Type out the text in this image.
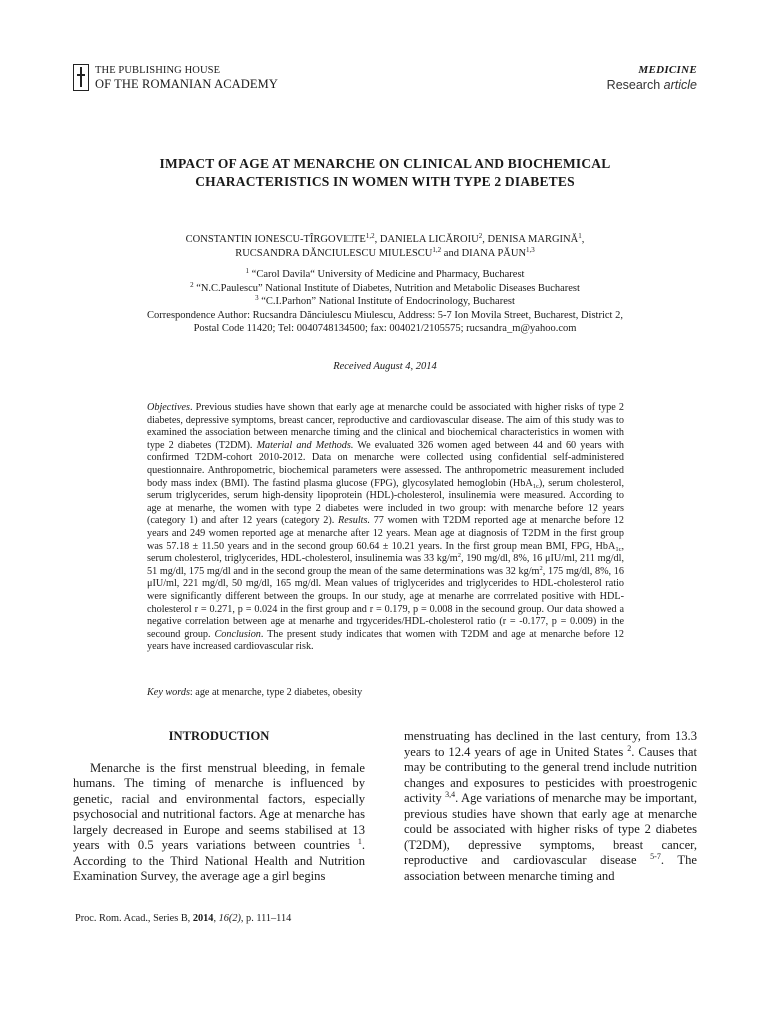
THE PUBLISHING HOUSE
OF THE ROMANIAN ACADEMY
MEDICINE
Research article
IMPACT OF AGE AT MENARCHE ON CLINICAL AND BIOCHEMICAL
CHARACTERISTICS IN WOMEN WITH TYPE 2 DIABETES
CONSTANTIN IONESCU-TÎRGOVI□TE$^{1,2}$, DANIELA LICĂROIU$^2$, DENISA MARGINĂ$^1$,
RUCSANDRA DĂNCIULESCU MIULESCU$^{1,2}$ and DIANA PĂUN$^{1,3}$
$^1$ “Carol Davila“ University of Medicine and Pharmacy, Bucharest
$^2$ “N.C.Paulescu” National Institute of Diabetes, Nutrition and Metabolic Diseases Bucharest
$^3$ “C.I.Parhon” National Institute of Endocrinology, Bucharest
Correspondence Author: Rucsandra Dănciulescu Miulescu, Address: 5-7 Ion Movila Street, Bucharest, District 2,
Postal Code 11420; Tel: 0040748134500; fax: 004021/2105575; rucsandra_m@yahoo.com
Received August 4, 2014
Objectives. Previous studies have shown that early age at menarche could be associated with higher risks of type 2 diabetes, depressive symptoms, breast cancer, reproductive and cardiovascular disease. The aim of this study was to examined the association between menarche timing and the clinical and biochemical characteristics in women with type 2 diabetes (T2DM). Material and Methods. We evaluated 326 women aged between 44 and 60 years with confirmed T2DM-cohort 2010-2012. Data on menarche were collected using confidential self-administered questionnaire. Anthropometric, biochemical parameters were assessed. The anthropometric measurement included body mass index (BMI). The fastind plasma glucose (FPG), glycosylated hemoglobin (HbA$_{1c}$), serum cholesterol, serum triglycerides, serum high-density lipoprotein (HDL)-cholesterol, insulinemia were measured. According to age at menarhe, the women with type 2 diabetes were included in two group: with menarche before 12 years (category 1) and after 12 years (category 2). Results. 77 women with T2DM reported age at menarche before 12 years and 249 women reported age at menarche after 12 years. Mean age at diagnosis of T2DM in the first group was 57.18 ± 11.50 years and in the second group 60.64 ± 10.21 years. In the first group mean BMI, FPG, HbA$_{1c}$, serum cholesterol, triglycerides, HDL-cholesterol, insulinemia was 33 $kg/m^2$, 190 mg/dl, 8%, 16 μIU/ml, 211 mg/dl, 51 mg/dl, 175 mg/dl and in the second group the mean of the same determinations was 32 $kg/m^2$, 175 mg/dl, 8%, 16 μIU/ml, 221 mg/dl, 50 mg/dl, 165 mg/dl. Mean values of triglycerides and triglycerides to HDL-cholesterol ratio were significantly different between the groups. In our study, age at menarhe are corrrelated positive with HDL-cholesterol r = 0.271, p = 0.024 in the first group and r = 0.179, p = 0.008 in the secound group. Our data showed a negative correlation between age at menarhe and trgycerides/HDL-cholesterol ratio (r = -0.177, p = 0.009) in the secound group. Conclusion. The present study indicates that women with T2DM and age at menarche before 12 years have increased cardiovascular risk.
Key words: age at menarche, type 2 diabetes, obesity
INTRODUCTION

Menarche is the first menstrual bleeding, in female humans. The timing of menarche is influenced by genetic, racial and environmental factors, especially psychosocial and nutritional factors. Age at menarche has largely decreased in Europe and seems stabilised at 13 years with 0.5 years variations between countries $^1$. According to the Third National Health and Nutrition Examination Survey, the average age a girl begins

menstruating has declined in the last century, from 13.3 years to 12.4 years of age in United States $^2$. Causes that may be contributing to the general trend include nutrition changes and exposures to pesticides with proestrogenic activity $^{3,4}$. Age variations of menarche may be important, previous studies have shown that early age at menarche could be associated with higher risks of type 2 diabetes (T2DM), depressive symptoms, breast cancer, reproductive and cardiovascular disease $^{5-7}$. The association between menarche timing and

Proc. Rom. Acad., Series B, 2014, 16(2), p. 111–114
